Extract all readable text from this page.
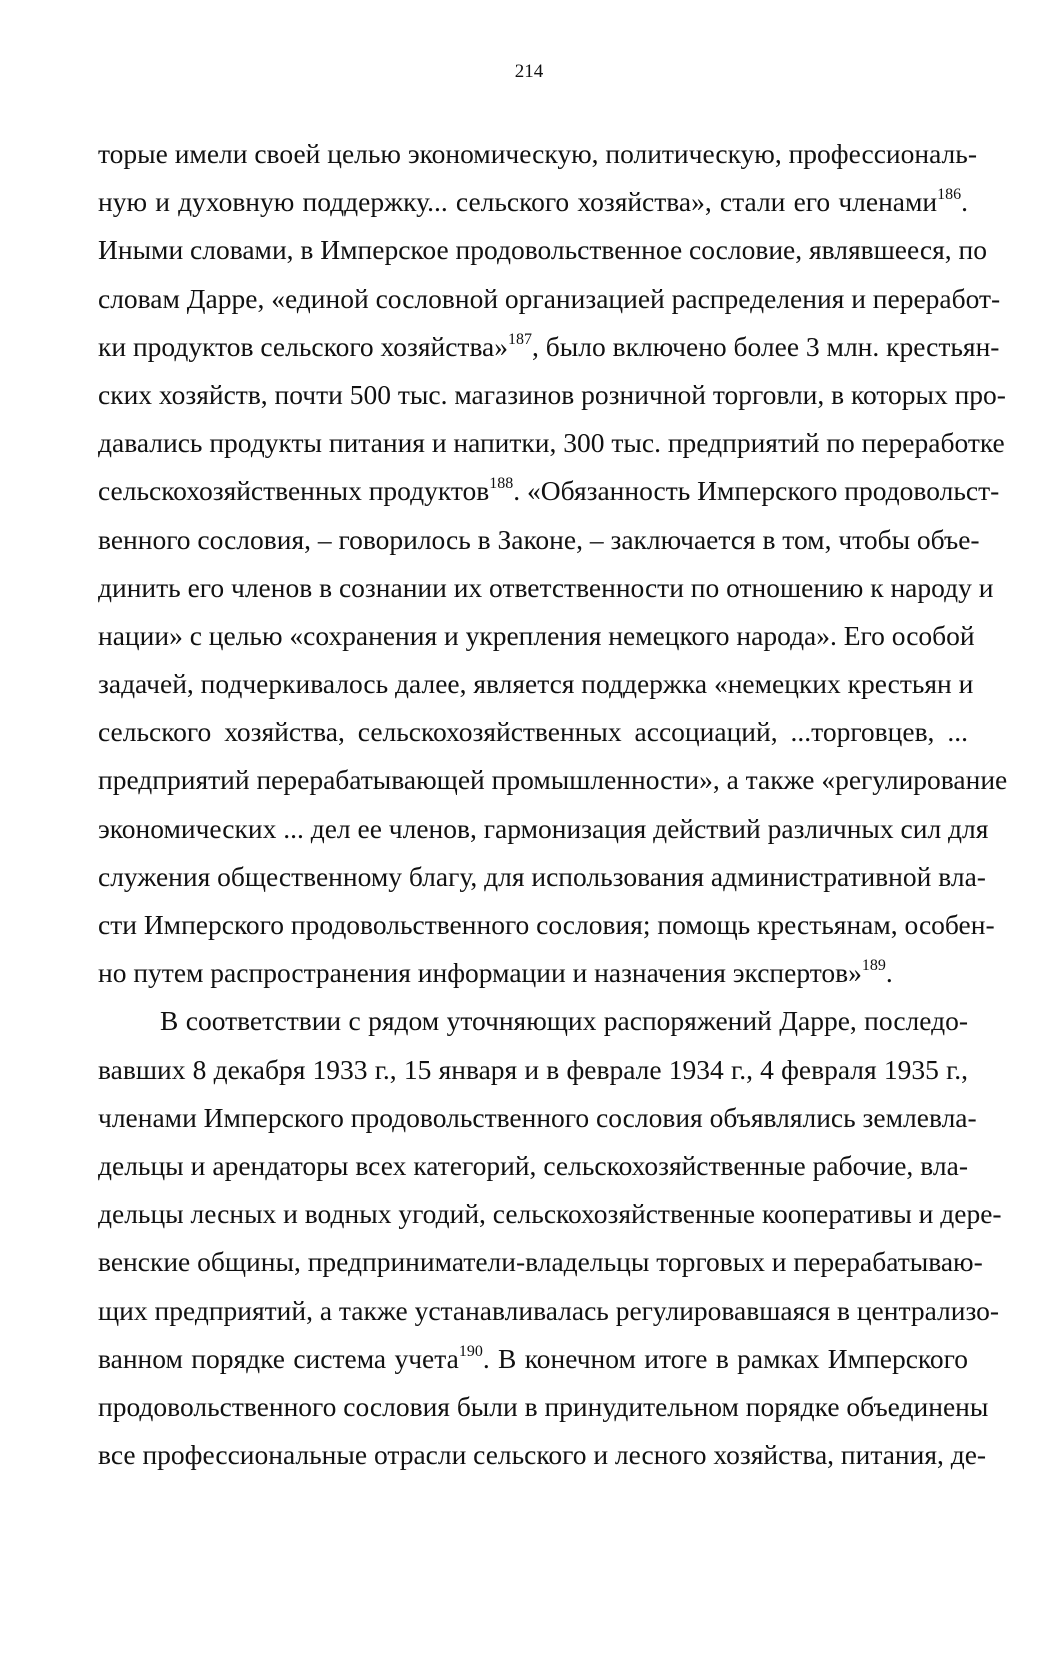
214
торые имели своей целью экономическую, политическую, профессиональ-
ную и духовную поддержку... сельского хозяйства», стали его членами$^{186}$.
Иными словами, в Имперское продовольственное сословие, являвшееся, по
словам Дарре, «единой сословной организацией распределения и переработ-
ки продуктов сельского хозяйства»$^{187}$, было включено более 3 млн. крестьян-
ских хозяйств, почти 500 тыс. магазинов розничной торговли, в которых про-
давались продукты питания и напитки, 300 тыс. предприятий по переработке
сельскохозяйственных продуктов$^{188}$. «Обязанность Имперского продовольст-
венного сословия, – говорилось в Законе, – заключается в том, чтобы объе-
динить его членов в сознании их ответственности по отношению к народу и
нации» с целью «сохранения и укрепления немецкого народа». Его особой
задачей, подчеркивалось далее, является поддержка «немецких крестьян и
сельского хозяйства, сельскохозяйственных ассоциаций, ...торговцев, ...
предприятий перерабатывающей промышленности», а также «регулирование
экономических ... дел ее членов, гармонизация действий различных сил для
служения общественному благу, для использования административной вла-
сти Имперского продовольственного сословия; помощь крестьянам, особен-
но путем распространения информации и назначения экспертов»$^{189}$.
В соответствии с рядом уточняющих распоряжений Дарре, последо-
вавших 8 декабря 1933 г., 15 января и в феврале 1934 г., 4 февраля 1935 г.,
членами Имперского продовольственного сословия объявлялись землевла-
дельцы и арендаторы всех категорий, сельскохозяйственные рабочие, вла-
дельцы лесных и водных угодий, сельскохозяйственные кооперативы и дере-
венские общины, предприниматели-владельцы торговых и перерабатываю-
щих предприятий, а также устанавливалась регулировавшаяся в централизо-
ванном порядке система учета$^{190}$. В конечном итоге в рамках Имперского
продовольственного сословия были в принудительном порядке объединены
все профессиональные отрасли сельского и лесного хозяйства, питания, де-
